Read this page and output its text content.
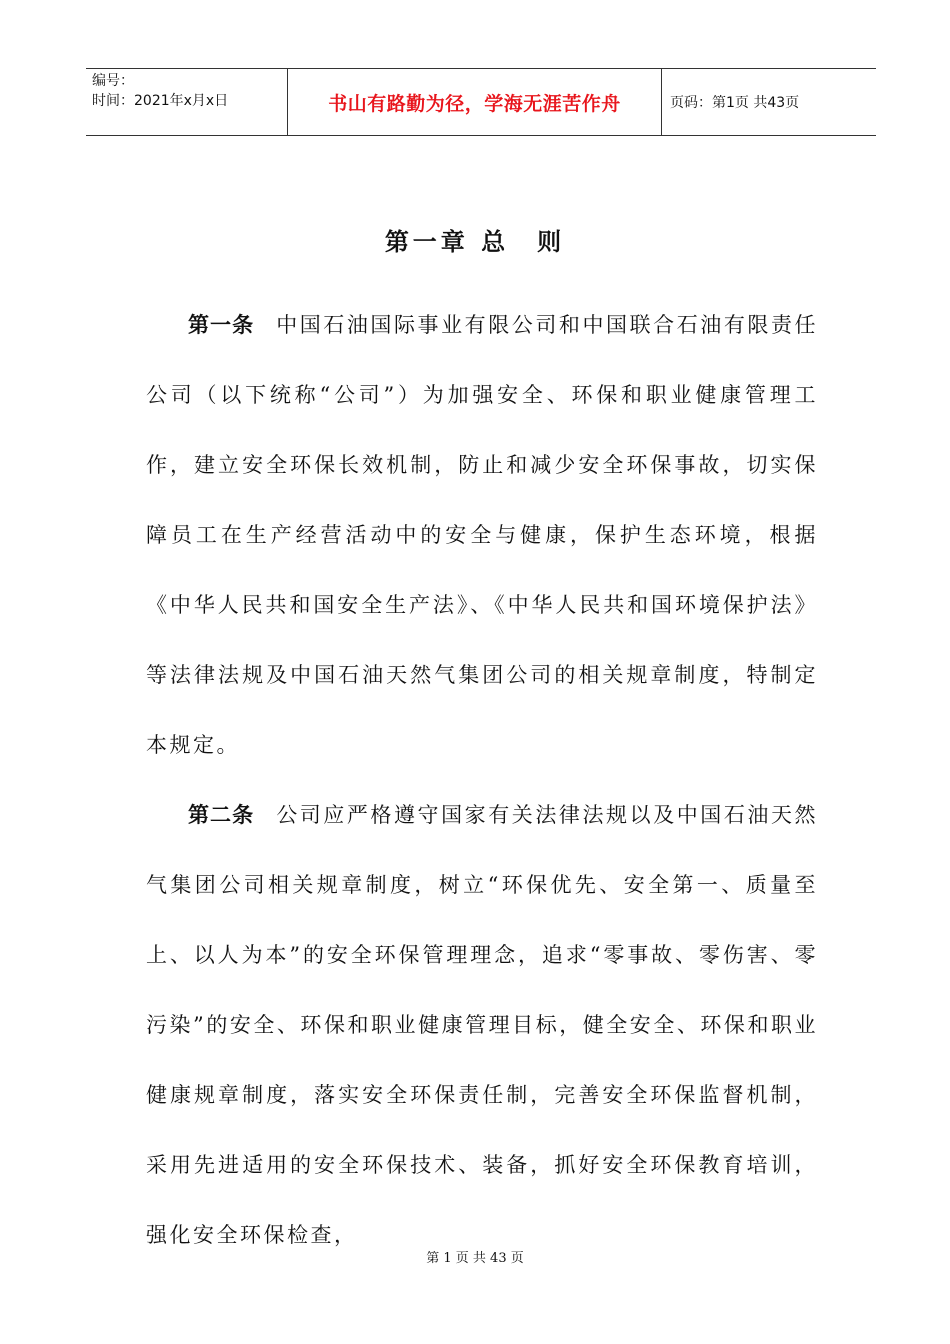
编号：
时间：2021年x月x日	书山有路勤为径，学海无涯苦作舟	页码：第1页 共43页
第一章 总　则

第一条 中国石油国际事业有限公司和中国联合石油有限责任公司（以下统称“公司”）为加强安全、环保和职业健康管理工作，建立安全环保长效机制，防止和减少安全环保事故，切实保障员工在生产经营活动中的安全与健康，保护生态环境，根据《中华人民共和国安全生产法》、《中华人民共和国环境保护法》等法律法规及中国石油天然气集团公司的相关规章制度，特制定本规定。

第二条 公司应严格遵守国家有关法律法规以及中国石油天然气集团公司相关规章制度，树立“环保优先、安全第一、质量至上、以人为本”的安全环保管理理念，追求“零事故、零伤害、零污染”的安全、环保和职业健康管理目标，健全安全、环保和职业健康规章制度，落实安全环保责任制，完善安全环保监督机制，采用先进适用的安全环保技术、装备，抓好安全环保教育培训，强化安全环保检查，

第 1 页 共 43 页
